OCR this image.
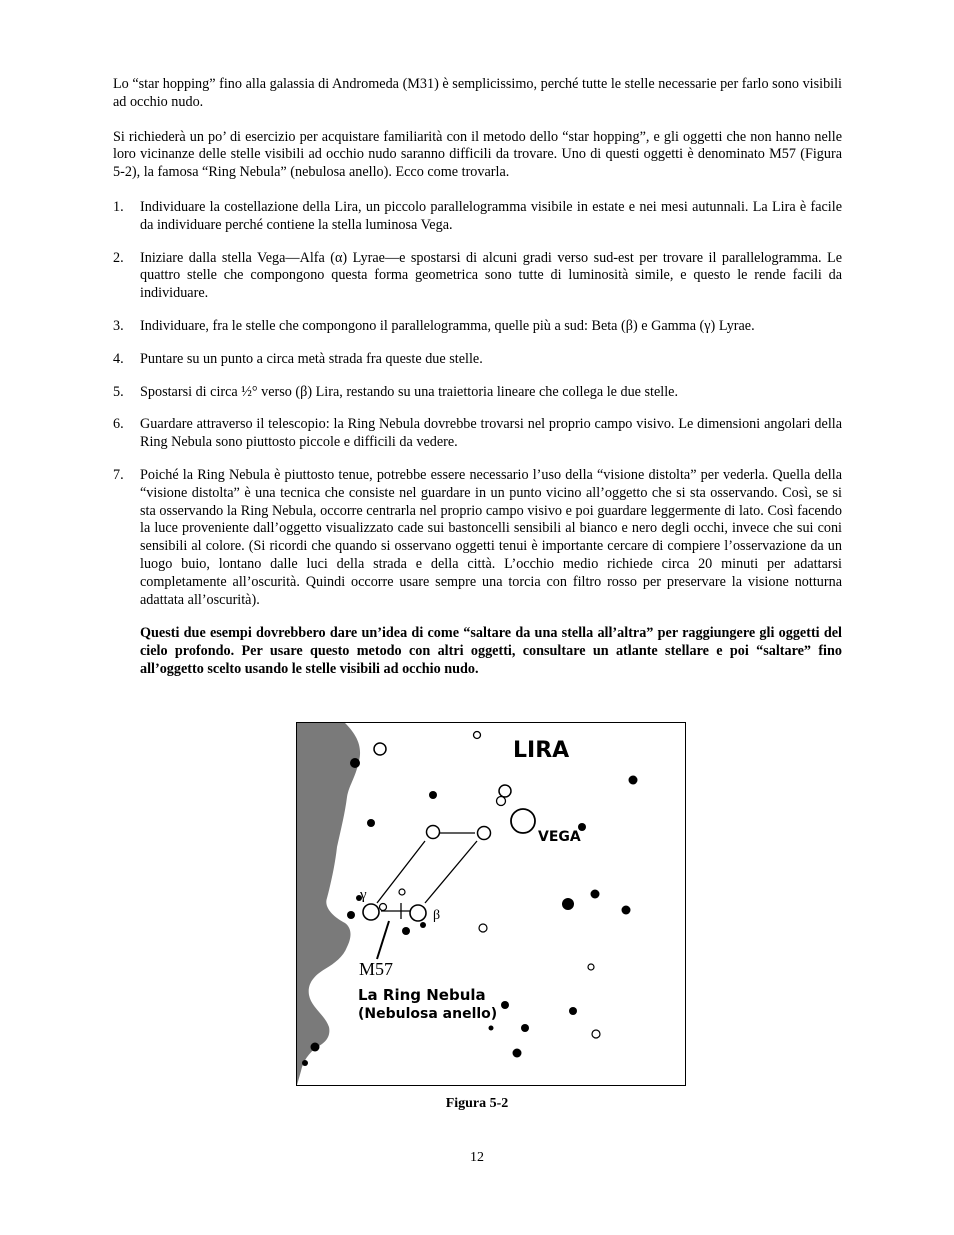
Lo “star hopping” fino alla galassia di Andromeda (M31) è semplicissimo, perché tutte le stelle necessarie per farlo sono visibili ad occhio nudo.

Si richiederà un po’ di esercizio per acquistare familiarità con il metodo dello “star hopping”, e gli oggetti che non hanno nelle loro vicinanze delle stelle visibili ad occhio nudo saranno difficili da trovare. Uno di questi oggetti è denominato M57 (Figura 5-2), la famosa “Ring Nebula” (nebulosa anello). Ecco come trovarla.

1.	Individuare la costellazione della Lira, un piccolo parallelogramma visibile in estate e nei mesi autunnali. La Lira è facile da individuare perché contiene la stella luminosa Vega.
2.	Iniziare dalla stella Vega—Alfa (α) Lyrae—e spostarsi di alcuni gradi verso sud-est per trovare il parallelogramma. Le quattro stelle che compongono questa forma geometrica sono tutte di luminosità simile, e questo le rende facili da individuare.
3.	Individuare, fra le stelle che compongono il parallelogramma, quelle più a sud: Beta (β) e Gamma (γ) Lyrae.
4.	Puntare su un punto a circa metà strada fra queste due stelle.
5.	Spostarsi di circa ½° verso (β) Lira, restando su una traiettoria lineare che collega le due stelle.
6.	Guardare attraverso il telescopio: la Ring Nebula dovrebbe trovarsi nel proprio campo visivo. Le dimensioni angolari della Ring Nebula sono piuttosto piccole e difficili da vedere.
7.	Poiché la Ring Nebula è piuttosto tenue, potrebbe essere necessario l’uso della “visione distolta” per vederla. Quella della “visione distolta” è una tecnica che consiste nel guardare in un punto vicino all’oggetto che si sta osservando. Così, se si sta osservando la Ring Nebula, occorre centrarla nel proprio campo visivo e poi guardare leggermente di lato. Così facendo la luce proveniente dall’oggetto visualizzato cade sui bastoncelli sensibili al bianco e nero degli occhi, invece che sui coni sensibili al colore. (Si ricordi che quando si osservano oggetti tenui è importante cercare di compiere l’osservazione da un luogo buio, lontano dalle luci della strada e della città. L’occhio medio richiede circa 20 minuti per adattarsi completamente all’oscurità. Quindi occorre usare sempre una torcia con filtro rosso per preservare la visione notturna adattata all’oscurità).

Questi due esempi dovrebbero dare un’idea di come “saltare da una stella all’altra” per raggiungere gli oggetti del cielo profondo. Per usare questo metodo con altri oggetti, consultare un atlante stellare e poi “saltare” fino all’oggetto scelto usando le stelle visibili ad occhio nudo.

LIRA
VEGA
γ
β
M57
La Ring Nebula
(Nebulosa anello)
Figura 5-2
12
